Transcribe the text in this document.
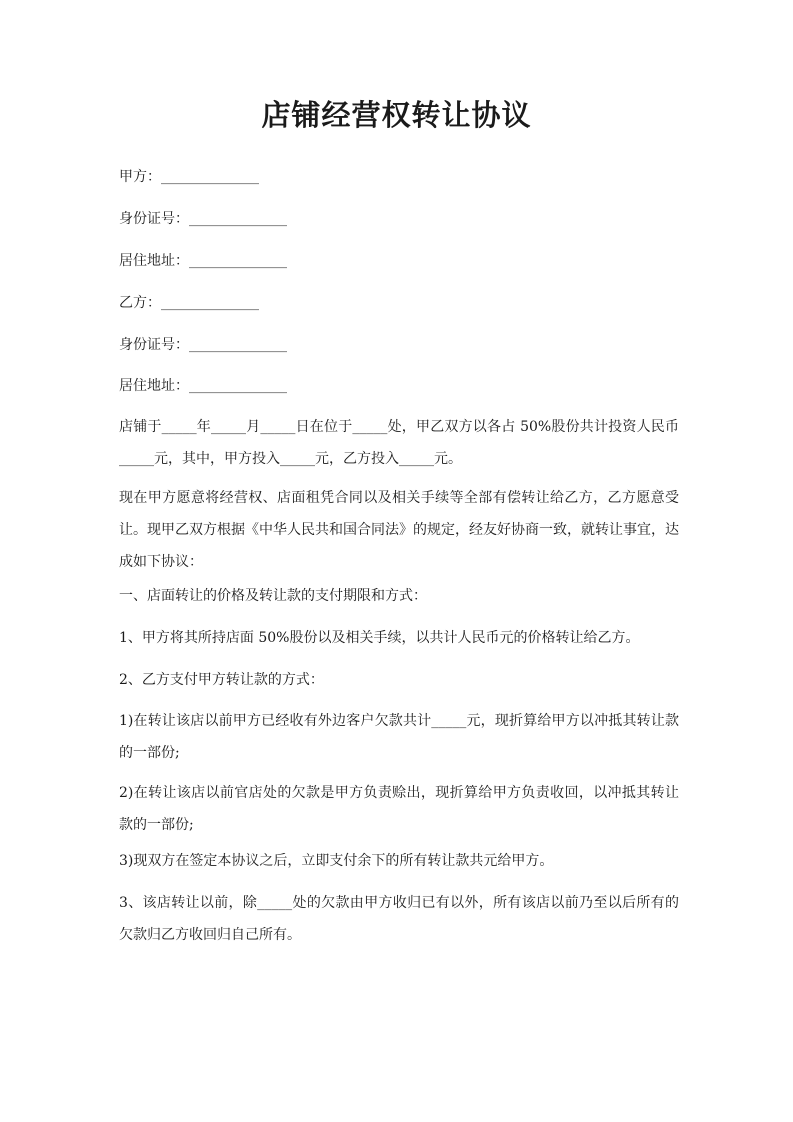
店铺经营权转让协议
甲方：______________
身份证号：______________
居住地址：______________
乙方：______________
身份证号：______________
居住地址：______________
店铺于_____年_____月_____日在位于_____处，甲乙双方以各占 50%股份共计投资人民币_____元，其中，甲方投入_____元，乙方投入_____元。
现在甲方愿意将经营权、店面租凭合同以及相关手续等全部有偿转让给乙方，乙方愿意受让。现甲乙双方根据《中华人民共和国合同法》的规定，经友好协商一致，就转让事宜，达成如下协议：
一、店面转让的价格及转让款的支付期限和方式：
1、甲方将其所持店面 50%股份以及相关手续，以共计人民币元的价格转让给乙方。
2、乙方支付甲方转让款的方式：
1)在转让该店以前甲方已经收有外边客户欠款共计_____元，现折算给甲方以冲抵其转让款的一部份;
2)在转让该店以前官店处的欠款是甲方负责赊出，现折算给甲方负责收回，以冲抵其转让款的一部份;
3)现双方在签定本协议之后，立即支付余下的所有转让款共元给甲方。
3、该店转让以前，除_____处的欠款由甲方收归已有以外，所有该店以前乃至以后所有的欠款归乙方收回归自己所有。
